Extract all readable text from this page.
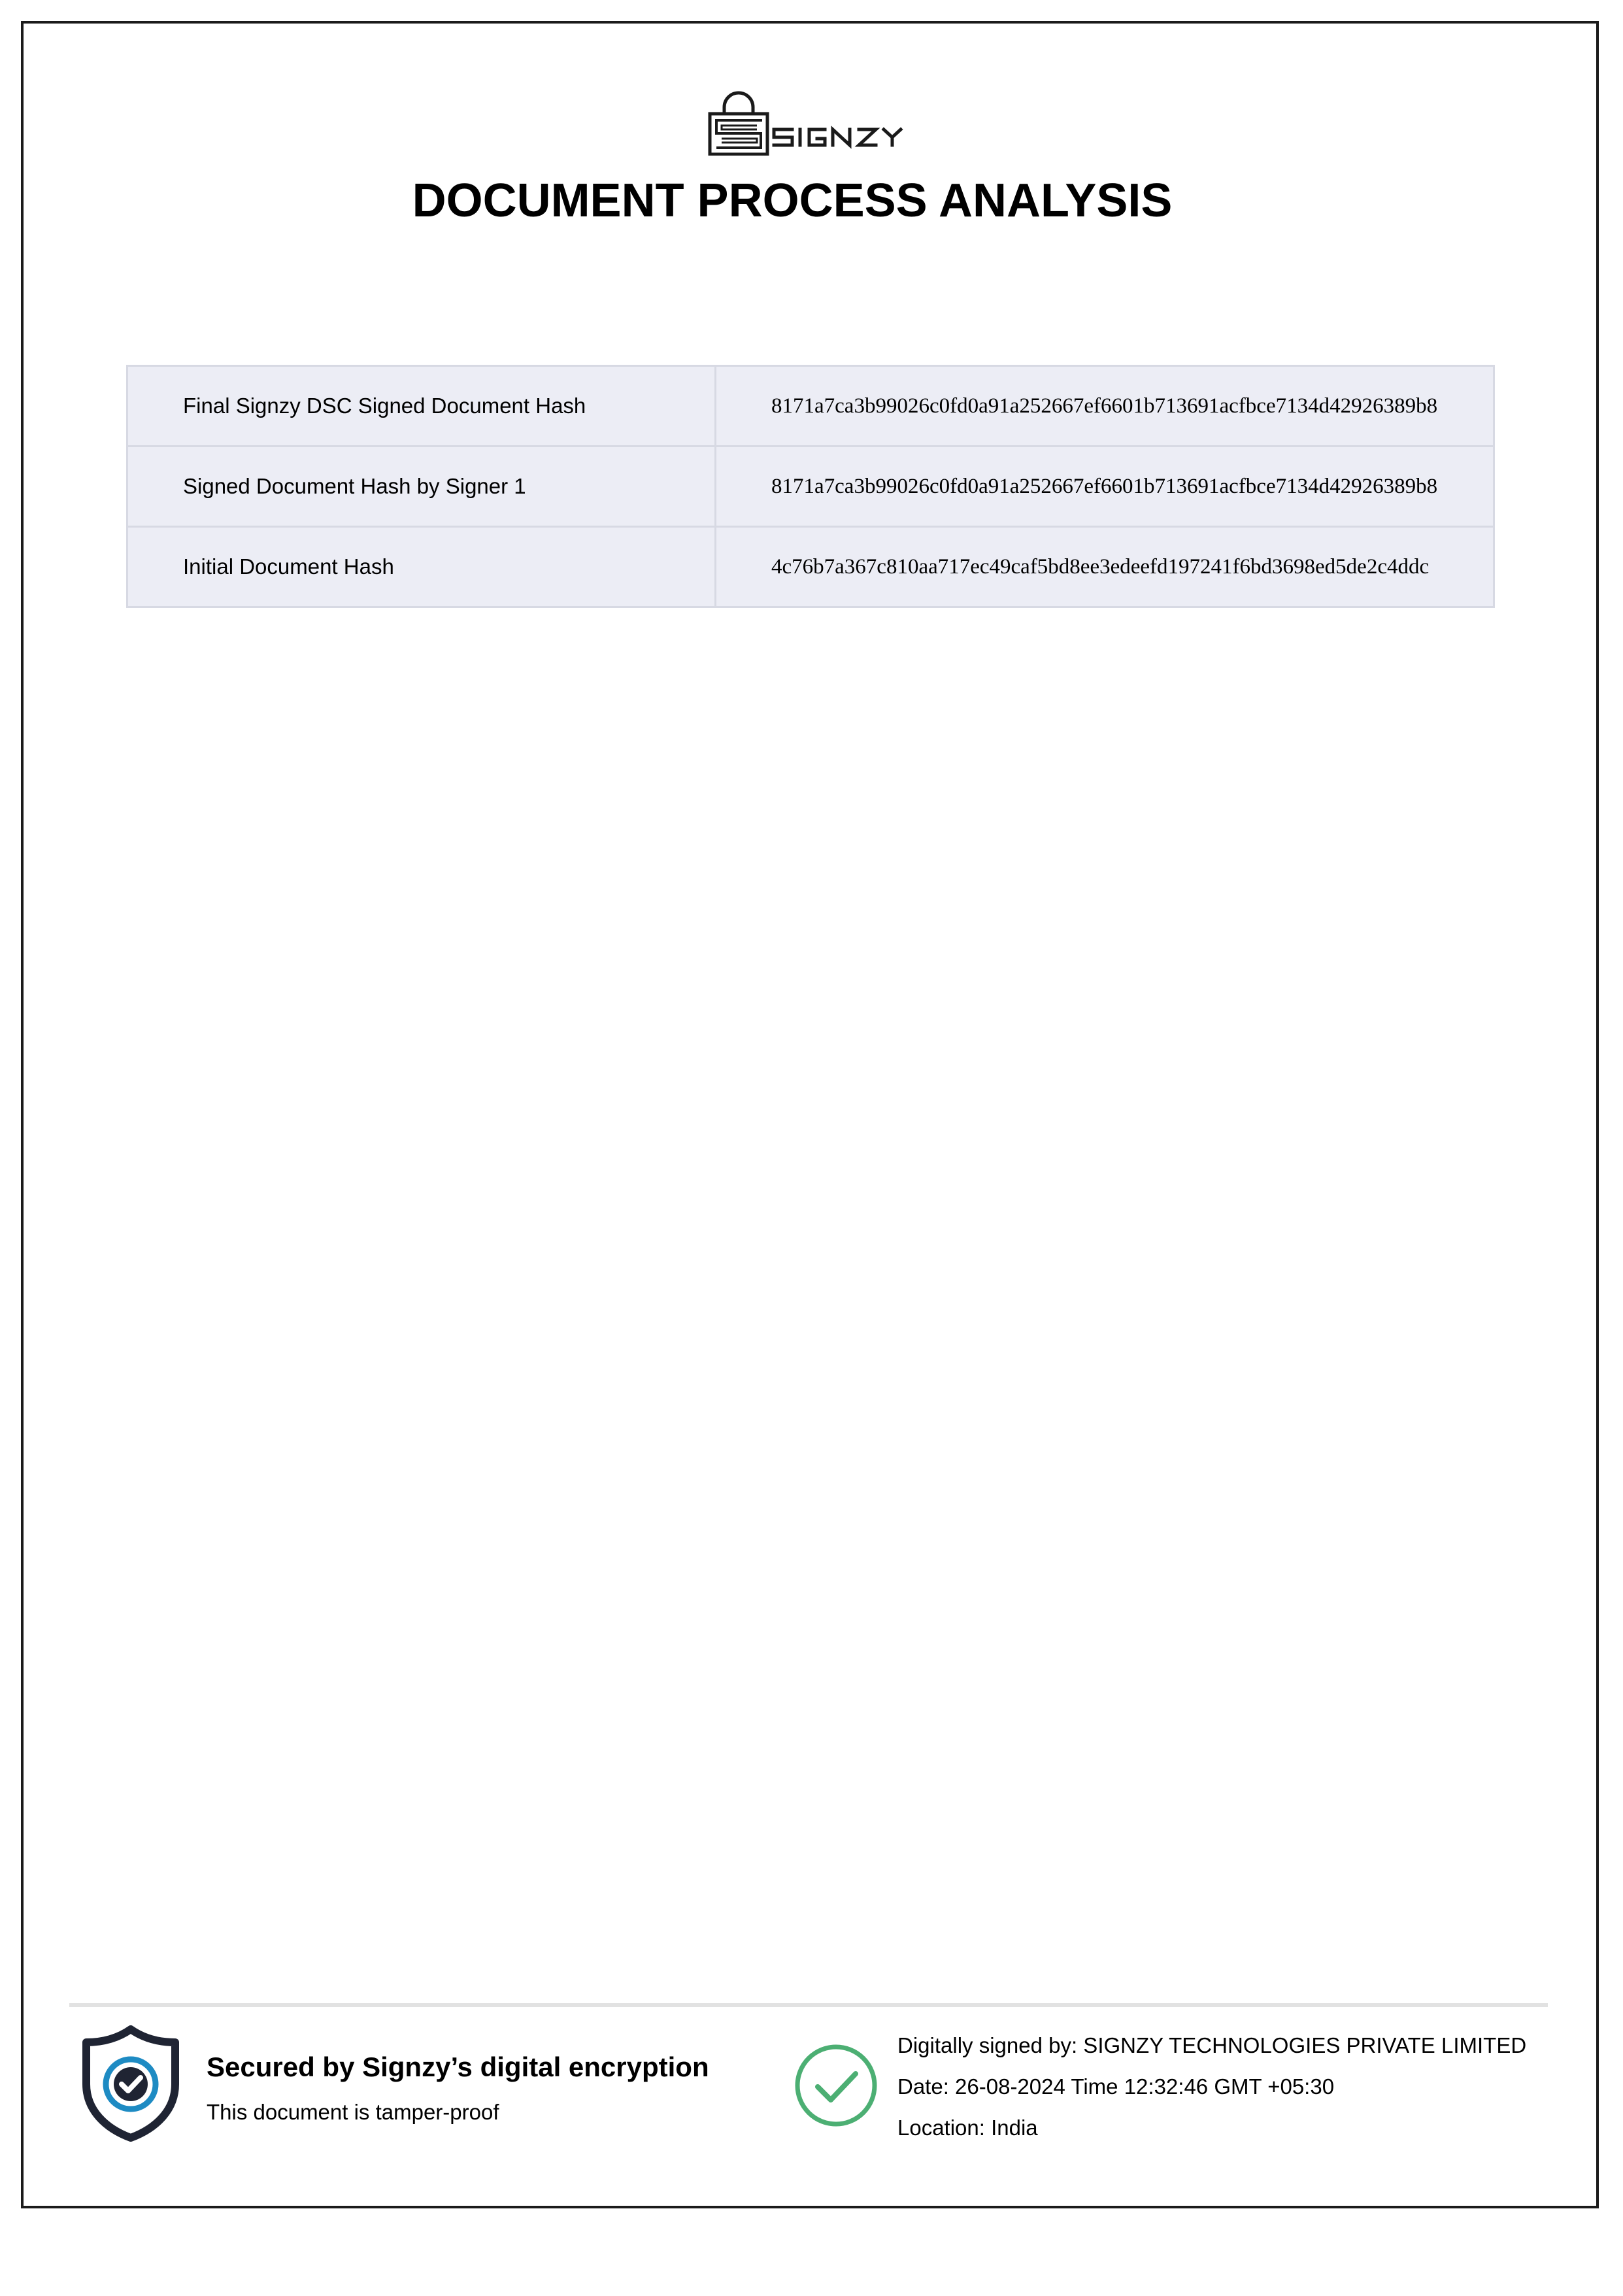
DOCUMENT PROCESS ANALYSIS
Final Signzy DSC Signed Document Hash	8171a7ca3b99026c0fd0a91a252667ef6601b713691acfbce7134d42926389b8
Signed Document Hash by Signer 1	8171a7ca3b99026c0fd0a91a252667ef6601b713691acfbce7134d42926389b8
Initial Document Hash	4c76b7a367c810aa717ec49caf5bd8ee3edeefd197241f6bd3698ed5de2c4ddc
Secured by Signzy’s digital encryption
This document is tamper-proof
Digitally signed by: SIGNZY TECHNOLOGIES PRIVATE LIMITED
Date: 26-08-2024 Time 12:32:46 GMT +05:30
Location: India
